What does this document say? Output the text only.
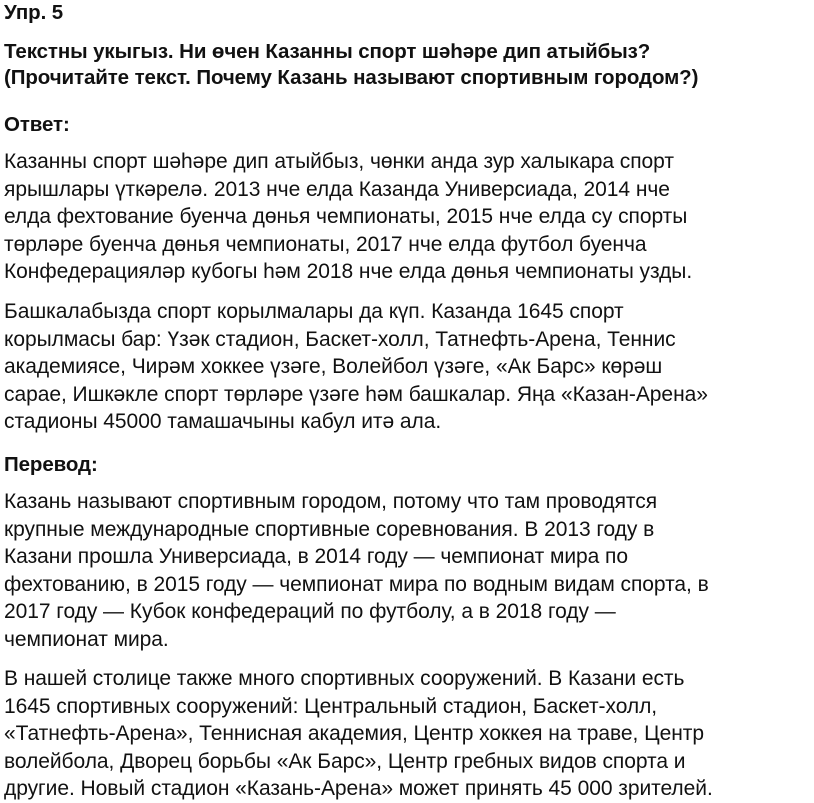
Упр. 5

Текстны укыгыз. Ни өчен Казанны спорт шәһәре дип атыйбыз?
(Прочитайте текст. Почему Казань называют спортивным городом?)

Ответ:

Казанны спорт шәһәре дип атыйбыз, чөнки анда зур халыкара спорт
ярышлары үткәрелә. 2013 нче елда Казанда Универсиада, 2014 нче
елда фехтование буенча дөнья чемпионаты, 2015 нче елда су спорты
төрләре буенча дөнья чемпионаты, 2017 нче елда футбол буенча
Конфедерацияләр кубогы һәм 2018 нче елда дөнья чемпионаты узды.
Башкалабызда спорт корылмалары да күп. Казанда 1645 спорт
корылмасы бар: Үзәк стадион, Баскет-холл, Татнефть-Арена, Теннис
академиясе, Чирәм хоккее үзәге, Волейбол үзәге, «Ак Барс» көрәш
сарае, Ишкәкле спорт төрләре үзәге һәм башкалар. Яңа «Казан-Арена»
стадионы 45000 тамашачыны кабул итә ала.

Перевод:

Казань называют спортивным городом, потому что там проводятся
крупные международные спортивные соревнования. В 2013 году в
Казани прошла Универсиада, в 2014 году — чемпионат мира по
фехтованию, в 2015 году — чемпионат мира по водным видам спорта, в
2017 году — Кубок конфедераций по футболу, а в 2018 году —
чемпионат мира.
В нашей столице также много спортивных сооружений. В Казани есть
1645 спортивных сооружений: Центральный стадион, Баскет-холл,
«Татнефть-Арена», Теннисная академия, Центр хоккея на траве, Центр
волейбола, Дворец борьбы «Ак Барс», Центр гребных видов спорта и
другие. Новый стадион «Казань-Арена» может принять 45 000 зрителей.
